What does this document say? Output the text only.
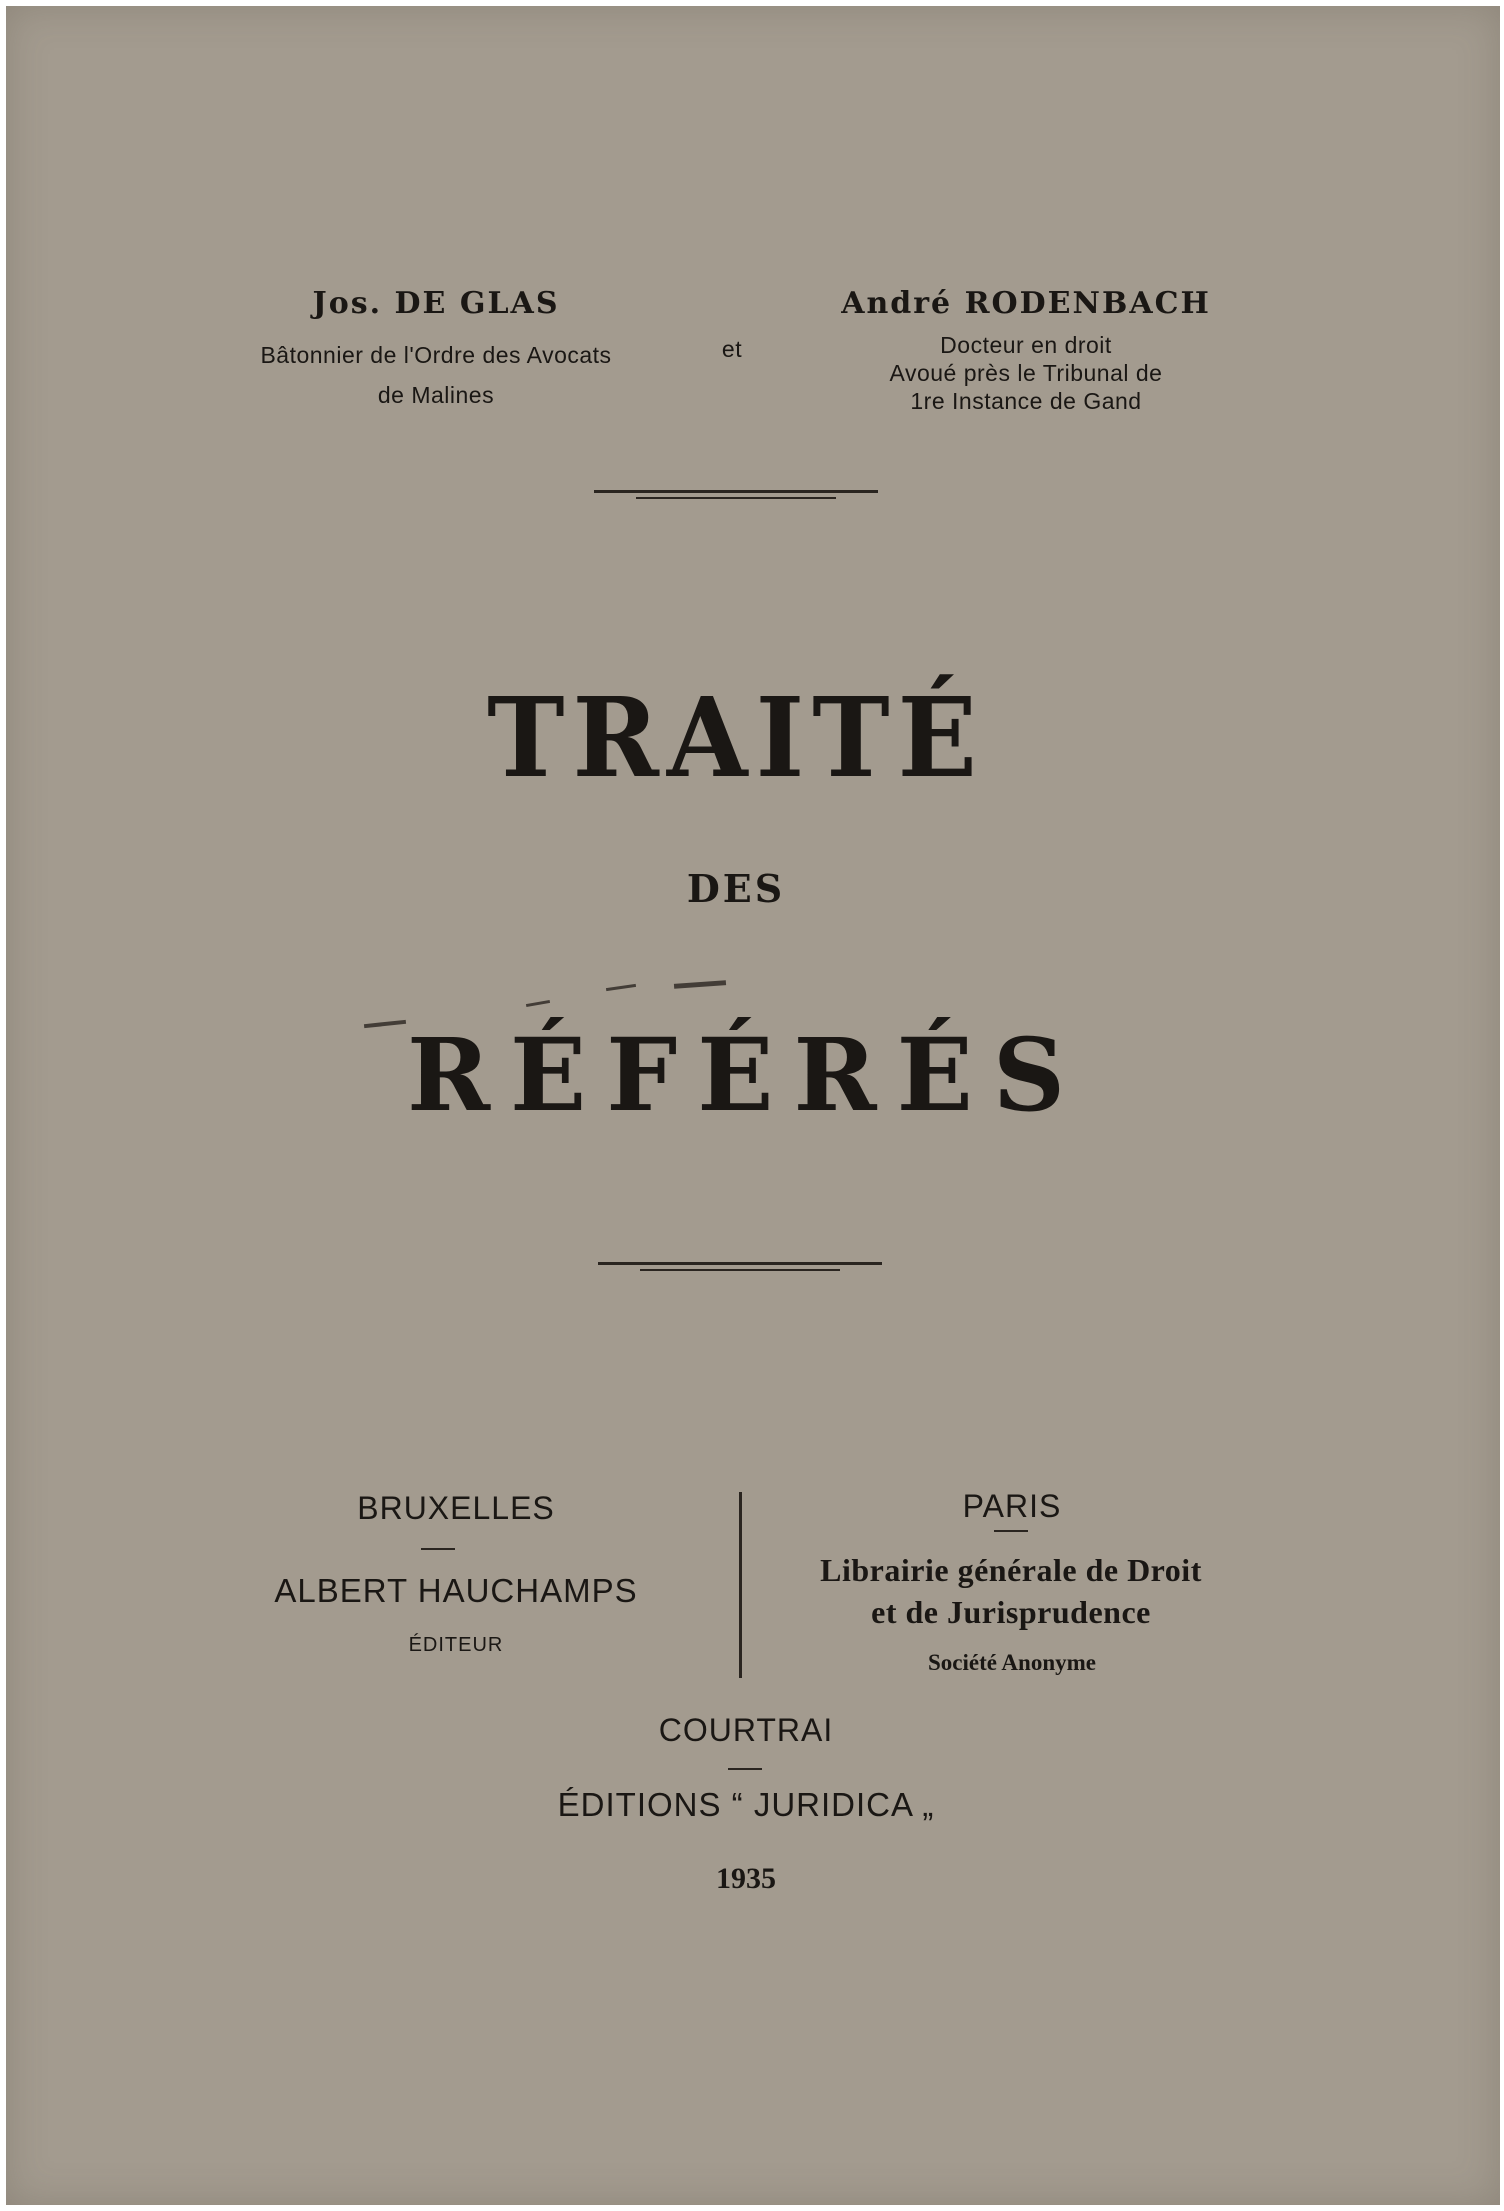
Jos. DE GLAS
Bâtonnier de l'Ordre des Avocats
de Malines
et
André RODENBACH
Docteur en droit
Avoué près le Tribunal de
1re Instance de Gand
TRAITÉ
DES
RÉFÉRÉS
BRUXELLES
ALBERT HAUCHAMPS
ÉDITEUR
PARIS
Librairie générale de Droit
et de Jurisprudence
Société Anonyme
COURTRAI
ÉDITIONS “ JURIDICA „
1935
